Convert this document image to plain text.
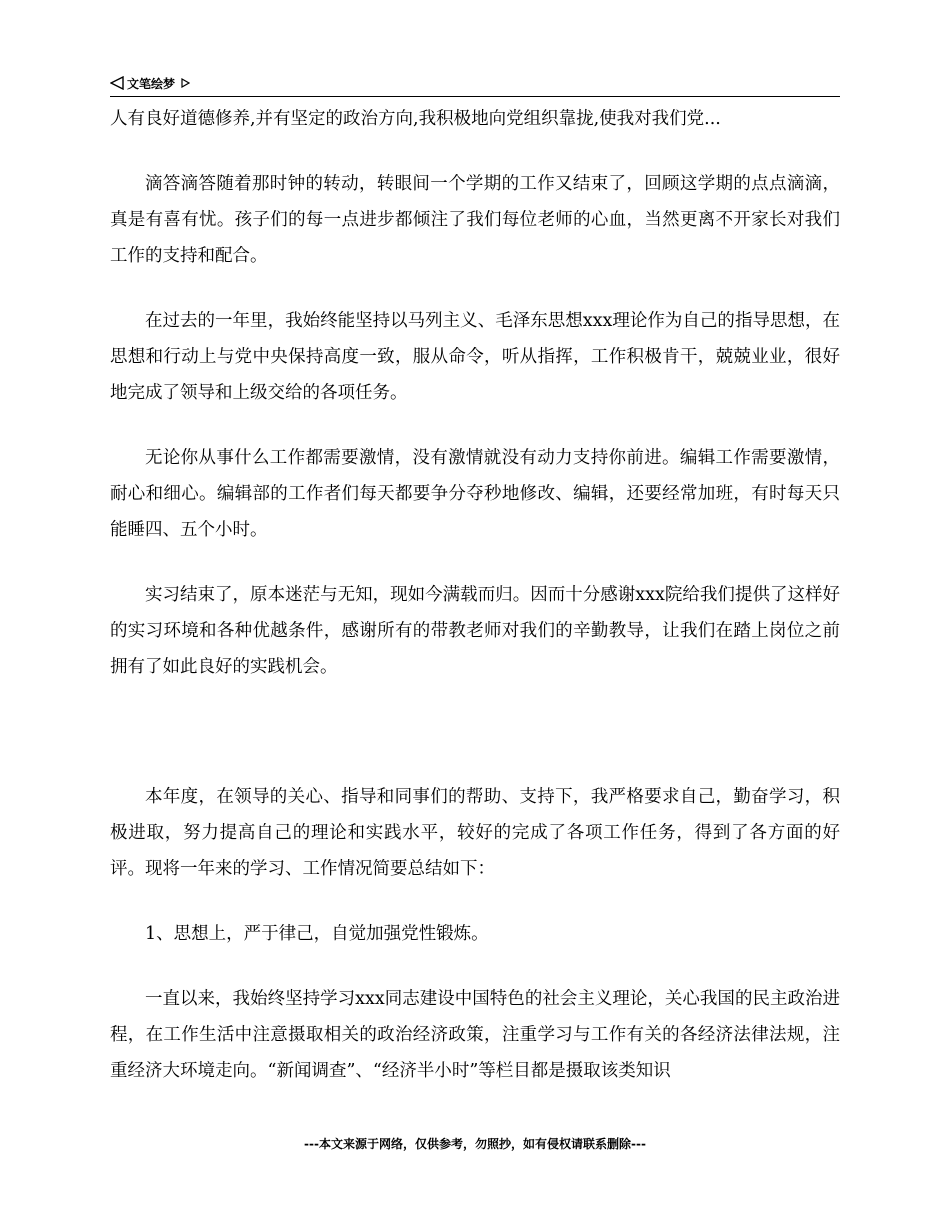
文笔绘梦

人有良好道德修养,并有坚定的政治方向,我积极地向党组织靠拢,使我对我们党...

滴答滴答随着那时钟的转动，转眼间一个学期的工作又结束了，回顾这学期的点点滴滴，真是有喜有忧。孩子们的每一点进步都倾注了我们每位老师的心血，当然更离不开家长对我们工作的支持和配合。

在过去的一年里，我始终能坚持以马列主义、毛泽东思想xxx理论作为自己的指导思想，在思想和行动上与党中央保持高度一致，服从命令，听从指挥，工作积极肯干，兢兢业业，很好地完成了领导和上级交给的各项任务。

无论你从事什么工作都需要激情，没有激情就没有动力支持你前进。编辑工作需要激情，耐心和细心。编辑部的工作者们每天都要争分夺秒地修改、编辑，还要经常加班，有时每天只能睡四、五个小时。

实习结束了，原本迷茫与无知，现如今满载而归。因而十分感谢xxx院给我们提供了这样好的实习环境和各种优越条件，感谢所有的带教老师对我们的辛勤教导，让我们在踏上岗位之前拥有了如此良好的实践机会。

本年度，在领导的关心、指导和同事们的帮助、支持下，我严格要求自己，勤奋学习，积极进取，努力提高自己的理论和实践水平，较好的完成了各项工作任务，得到了各方面的好评。现将一年来的学习、工作情况简要总结如下：

1、思想上，严于律己，自觉加强党性锻炼。

一直以来，我始终坚持学习xxx同志建设中国特色的社会主义理论，关心我国的民主政治进程，在工作生活中注意摄取相关的政治经济政策，注重学习与工作有关的各经济法律法规，注重经济大环境走向。“新闻调查”、“经济半小时”等栏目都是摄取该类知识

---本文来源于网络，仅供参考，勿照抄，如有侵权请联系删除---
